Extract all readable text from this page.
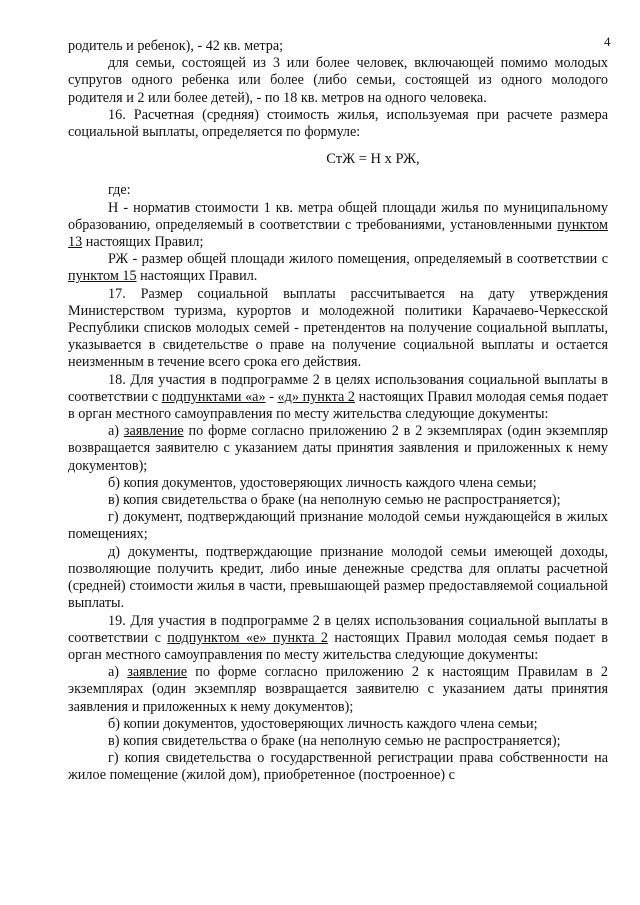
4

родитель и ребенок), - 42 кв. метра;

для семьи, состоящей из 3 или более человек, включающей помимо молодых супругов одного ребенка или более (либо семьи, состоящей из одного молодого родителя и 2 или более детей), - по 18 кв. метров на одного человека.

16. Расчетная (средняя) стоимость жилья, используемая при расчете размера социальной выплаты, определяется по формуле:

СтЖ = Н х РЖ,

где:

Н - норматив стоимости 1 кв. метра общей площади жилья по муниципальному образованию, определяемый в соответствии с требованиями, установленными пунктом 13 настоящих Правил;

РЖ - размер общей площади жилого помещения, определяемый в соответствии с пунктом 15 настоящих Правил.

17. Размер социальной выплаты рассчитывается на дату утверждения Министерством туризма, курортов и молодежной политики Карачаево-Черкесской Республики списков молодых семей - претендентов на получение социальной выплаты, указывается в свидетельстве о праве на получение социальной выплаты и остается неизменным в течение всего срока его действия.

18. Для участия в подпрограмме 2 в целях использования социальной выплаты в соответствии с подпунктами «а» - «д» пункта 2 настоящих Правил молодая семья подает в орган местного самоуправления по месту жительства следующие документы:

а) заявление по форме согласно приложению 2 в 2 экземплярах (один экземпляр возвращается заявителю с указанием даты принятия заявления и приложенных к нему документов);

б) копия документов, удостоверяющих личность каждого члена семьи;

в) копия свидетельства о браке (на неполную семью не распространяется);

г) документ, подтверждающий признание молодой семьи нуждающейся в жилых помещениях;

д) документы, подтверждающие признание молодой семьи имеющей доходы, позволяющие получить кредит, либо иные денежные средства для оплаты расчетной (средней) стоимости жилья в части, превышающей размер предоставляемой социальной выплаты.

19. Для участия в подпрограмме 2 в целях использования социальной выплаты в соответствии с подпунктом «е» пункта 2 настоящих Правил молодая семья подает в орган местного самоуправления по месту жительства следующие документы:

а) заявление по форме согласно приложению 2 к настоящим Правилам в 2 экземплярах (один экземпляр возвращается заявителю с указанием даты принятия заявления и приложенных к нему документов);

б) копии документов, удостоверяющих личность каждого члена семьи;

в) копия свидетельства о браке (на неполную семью не распространяется);

г) копия свидетельства о государственной регистрации права собственности на жилое помещение (жилой дом), приобретенное (построенное) с
